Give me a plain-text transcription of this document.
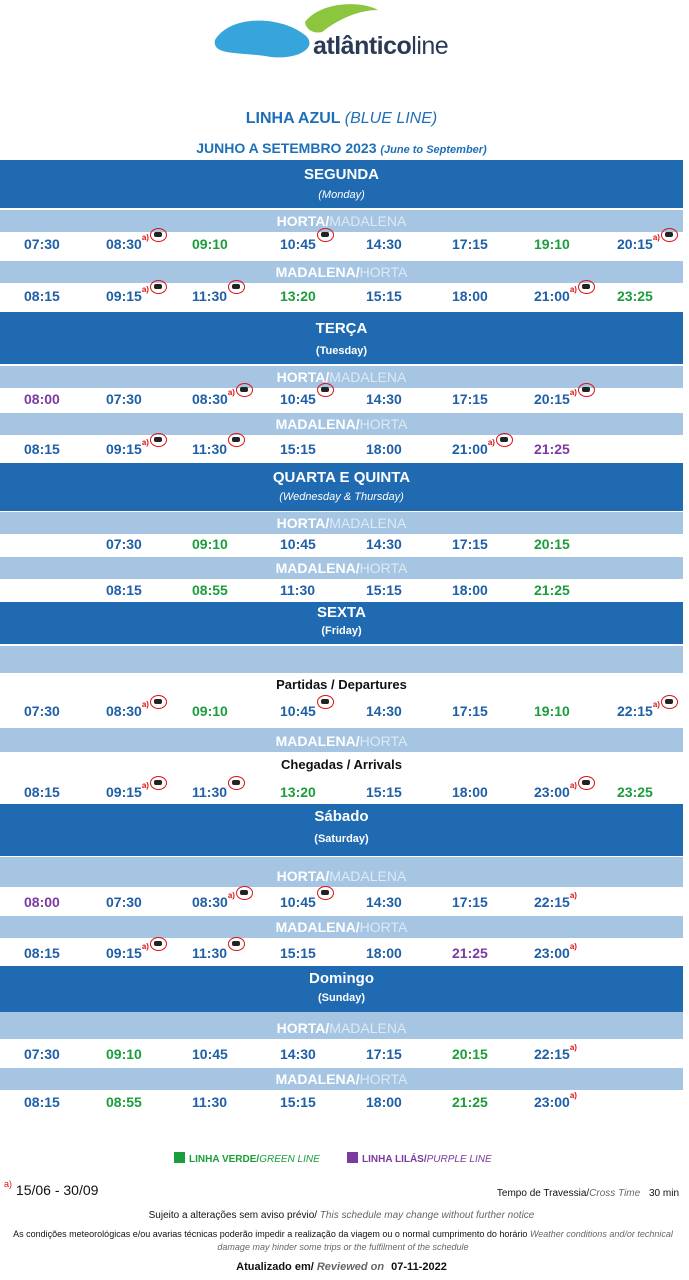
atlânticoline
LINHA AZUL (BLUE LINE)
JUNHO A SETEMBRO 2023 (June to September)
SEGUNDA
(Monday)
HORTA/MADALENA
07:30	08:30$^{a)}$	09:10	10:45	14:30	17:15	19:10	20:15$^{a)}$
MADALENA/HORTA
08:15	09:15$^{a)}$	11:30	13:20	15:15	18:00	21:00$^{a)}$	23:25
TERÇA
(Tuesday)
HORTA/MADALENA
08:00	07:30	08:30$^{a)}$	10:45	14:30	17:15	20:15$^{a)}$
MADALENA/HORTA
08:15	09:15$^{a)}$	11:30	15:15	18:00	21:00$^{a)}$	21:25
QUARTA E QUINTA
(Wednesday & Thursday)
HORTA/MADALENA
07:30	09:10	10:45	14:30	17:15	20:15
MADALENA/HORTA
08:15	08:55	11:30	15:15	18:00	21:25
SEXTA
(Friday)
Partidas / Departures
07:30	08:30$^{a)}$	09:10	10:45	14:30	17:15	19:10	22:15$^{a)}$
MADALENA/HORTA
Chegadas / Arrivals
08:15	09:15$^{a)}$	11:30	13:20	15:15	18:00	23:00$^{a)}$	23:25
Sábado
(Saturday)
HORTA/MADALENA
08:00	07:30	08:30$^{a)}$	10:45	14:30	17:15	22:15$^{a)}$
MADALENA/HORTA
08:15	09:15$^{a)}$	11:30	15:15	18:00	21:25	23:00$^{a)}$
Domingo
(Sunday)
HORTA/MADALENA
07:30	09:10	10:45	14:30	17:15	20:15	22:15$^{a)}$
MADALENA/HORTA
08:15	08:55	11:30	15:15	18:00	21:25	23:00$^{a)}$
LINHA VERDE/GREEN LINE	LINHA LILÁS/PURPLE LINE
$^{a)}$ 15/06 - 30/09	Tempo de Travessia/Cross Time 30 min
Sujeito a alterações sem aviso prévio/ This schedule may change without further notice
As condições meteorológicas e/ou avarias técnicas poderão impedir a realização da viagem ou o normal cumprimento do horário Weather conditions and/or technical damage may hinder some trips or the fulfilment of the schedule
Atualizado em/ Reviewed on 07-11-2022
